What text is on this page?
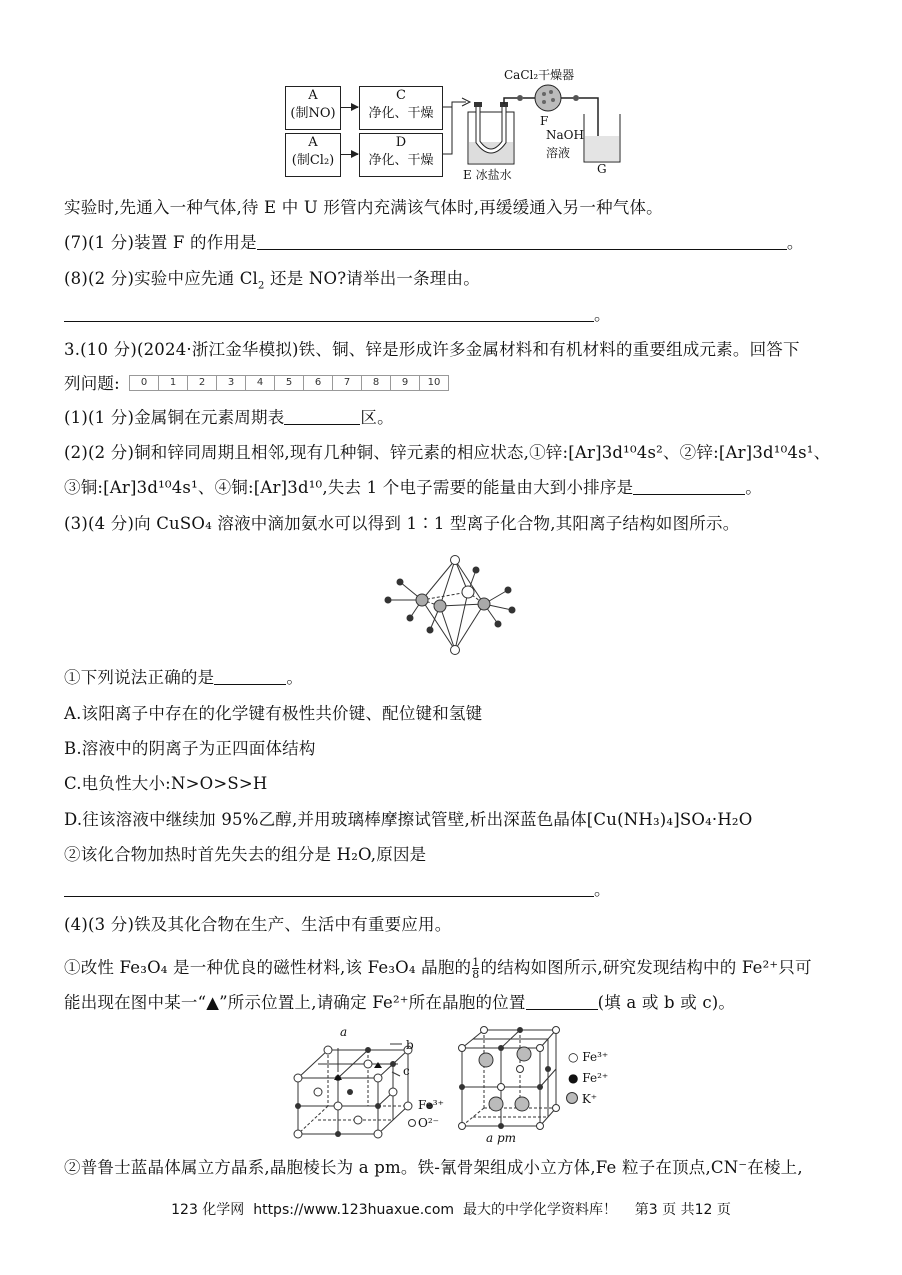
A
(制NO)
A
(制Cl₂)
C
净化、干燥
D
净化、干燥
CaCl₂干燥器
F
NaOH
溶液
G
E 冰盐水
实验时,先通入一种气体,待 E 中 U 形管内充满该气体时,再缓缓通入另一种气体。
(7)(1 分)装置 F 的作用是	。
(8)(2 分)实验中应先通 $Cl_2$ 还是 NO?请举出一条理由。
。
3.(10 分)(2024·浙江金华模拟)铁、铜、锌是形成许多金属材料和有机材料的重要组成元素。回答下
列问题:	0	1	2	3	4	5	6	7	8	9	10
(1)(1 分)金属铜在元素周期表	区。
(2)(2 分)铜和锌同周期且相邻,现有几种铜、锌元素的相应状态,①锌:[Ar]3d¹⁰4s²、②锌:[Ar]3d¹⁰4s¹、
③铜:[Ar]3d¹⁰4s¹、④铜:[Ar]3d¹⁰,失去 1 个电子需要的能量由大到小排序是	。
(3)(4 分)向 CuSO₄ 溶液中滴加氨水可以得到 1∶1 型离子化合物,其阳离子结构如图所示。
①下列说法正确的是	。
A.该阳离子中存在的化学键有极性共价键、配位键和氢键
B.溶液中的阴离子为正四面体结构
C.电负性大小:N>O>S>H
D.往该溶液中继续加 95%乙醇,并用玻璃棒摩擦试管壁,析出深蓝色晶体[Cu(NH₃)₄]SO₄·H₂O
②该化合物加热时首先失去的组分是 H₂O,原因是
。
(4)(3 分)铁及其化合物在生产、生活中有重要应用。
①改性 Fe₃O₄ 是一种优良的磁性材料,该 Fe₃O₄ 晶胞的 $\frac{1}{8}$ 的结构如图所示,研究发现结构中的 Fe²⁺只可
能出现在图中某一“▲”所示位置上,请确定 Fe²⁺所在晶胞的位置	(填 a 或 b 或 c)。
a
b
c
Fe³⁺
O²⁻
○ Fe³⁺
● Fe²⁺
K⁺
a pm
②普鲁士蓝晶体属立方晶系,晶胞棱长为 a pm。铁-氰骨架组成小立方体,Fe 粒子在顶点,CN⁻在棱上,
123 化学网 https://www.123huaxue.com 最大的中学化学资料库！ 第3 页 共12 页
